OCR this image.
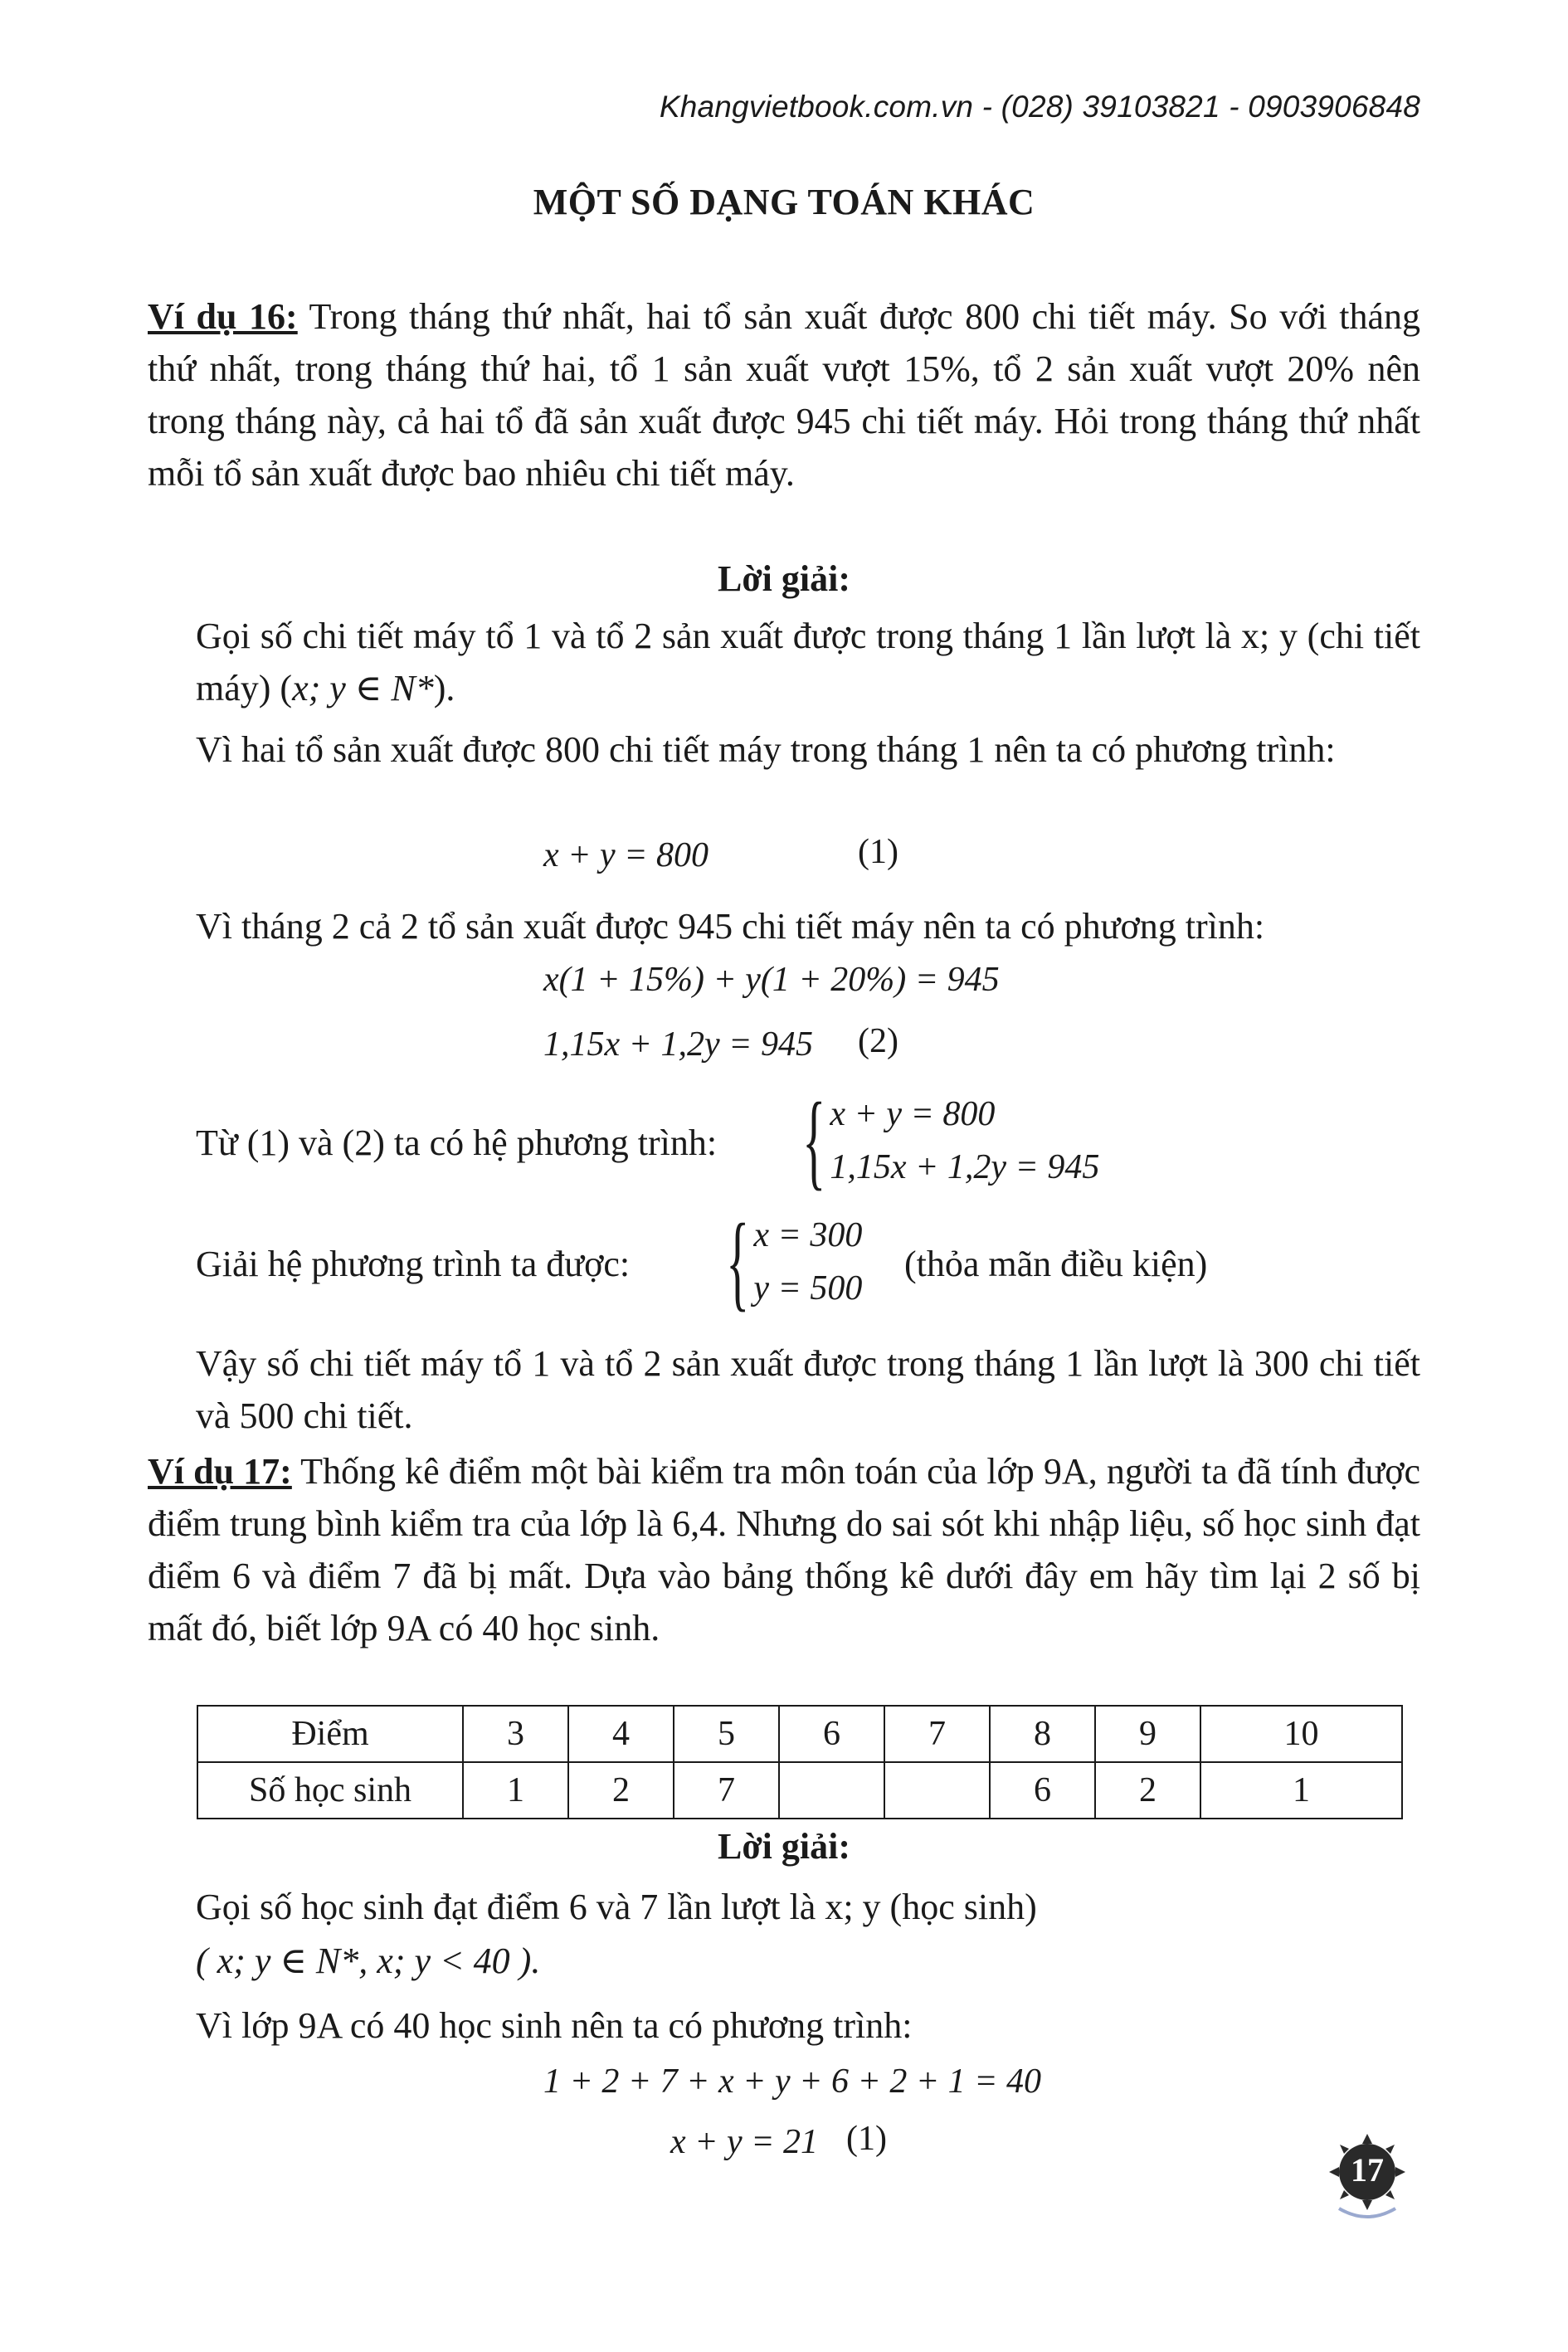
Khangvietbook.com.vn - (028) 39103821 - 0903906848
MỘT SỐ DẠNG TOÁN KHÁC

Ví dụ 16: Trong tháng thứ nhất, hai tổ sản xuất được 800 chi tiết máy. So với tháng thứ nhất, trong tháng thứ hai, tổ 1 sản xuất vượt 15%, tổ 2 sản xuất vượt 20% nên trong tháng này, cả hai tổ đã sản xuất được 945 chi tiết máy. Hỏi trong tháng thứ nhất mỗi tổ sản xuất được bao nhiêu chi tiết máy.

Lời giải:

Gọi số chi tiết máy tổ 1 và tổ 2 sản xuất được trong tháng 1 lần lượt là x; y (chi tiết máy) (x; y ∈ N*).

Vì hai tổ sản xuất được 800 chi tiết máy trong tháng 1 nên ta có phương trình:

x + y = 800	(1)

Vì tháng 2 cả 2 tổ sản xuất được 945 chi tiết máy nên ta có phương trình:

x(1 + 15%) + y(1 + 20%) = 945
1,15x + 1,2y = 945 (2)

Từ (1) và (2) ta có hệ phương trình: { x + y = 800
1,15x + 1,2y = 945

Giải hệ phương trình ta được: { x = 300
y = 500

(thỏa mãn điều kiện)

Vậy số chi tiết máy tổ 1 và tổ 2 sản xuất được trong tháng 1 lần lượt là 300 chi tiết và 500 chi tiết.

Ví dụ 17: Thống kê điểm một bài kiểm tra môn toán của lớp 9A, người ta đã tính được điểm trung bình kiểm tra của lớp là 6,4. Nhưng do sai sót khi nhập liệu, số học sinh đạt điểm 6 và điểm 7 đã bị mất. Dựa vào bảng thống kê dưới đây em hãy tìm lại 2 số bị mất đó, biết lớp 9A có 40 học sinh.

Điểm	3	4	5	6	7	8	9	10
Số học sinh	1	2	7			6	2	1
Lời giải:

Gọi số học sinh đạt điểm 6 và 7 lần lượt là x; y (học sinh)

( x; y ∈ N*, x; y < 40 ).

Vì lớp 9A có 40 học sinh nên ta có phương trình:

1 + 2 + 7 + x + y + 6 + 2 + 1 = 40
x + y = 21 (1)
17
